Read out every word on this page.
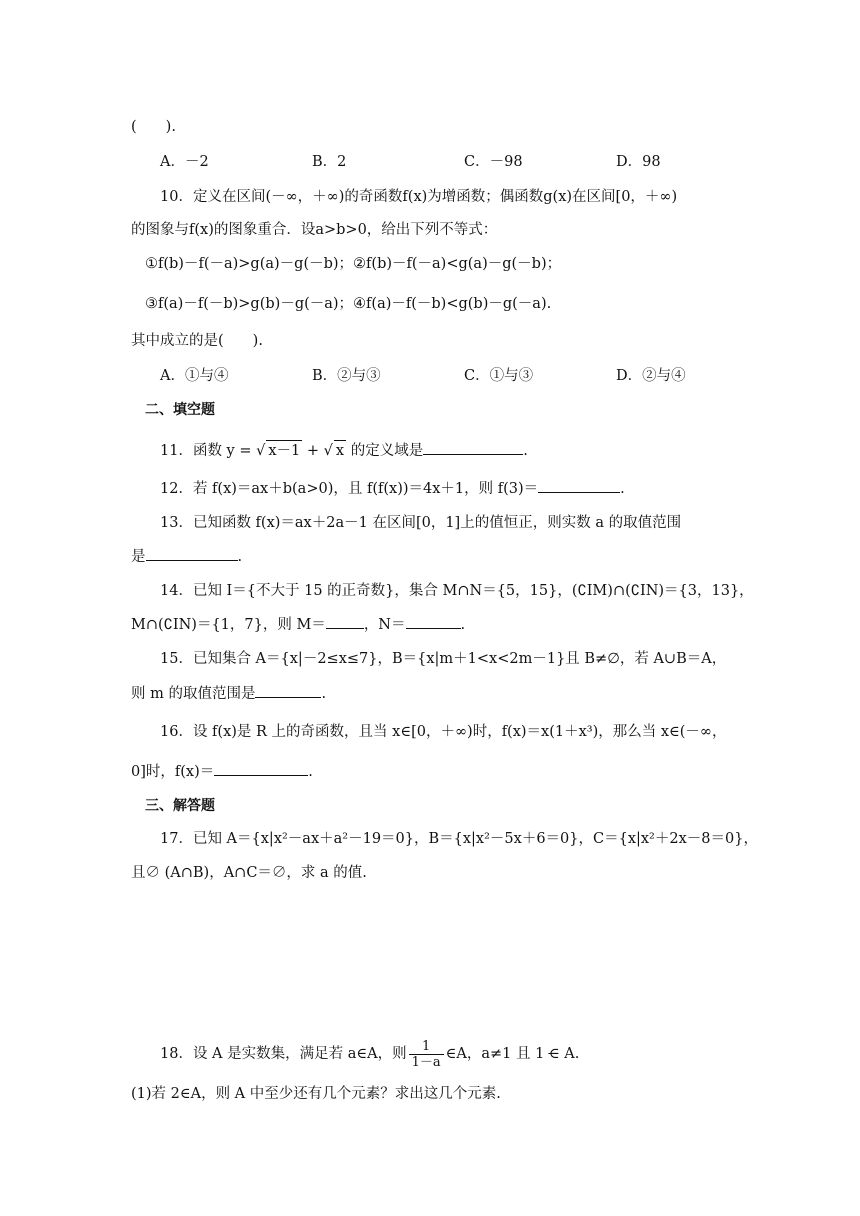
(　　).
A．－2	B．2	C．－98	D．98
10．定义在区间(－∞，＋∞)的奇函数f(x)为增函数；偶函数g(x)在区间[0，＋∞)
的图象与f(x)的图象重合．设a>b>0，给出下列不等式：
①f(b)－f(－a)>g(a)－g(－b)；②f(b)－f(－a)<g(a)－g(－b)；
③f(a)－f(－b)>g(b)－g(－a)；④f(a)－f(－b)<g(b)－g(－a).
其中成立的是(　　).
A．①与④	B．②与③	C．①与③	D．②与④
二、填空题
11．函数 y = √ x－1 + √ x 的定义域是	.
12．若 f(x)＝ax＋b(a>0)，且 f(f(x))＝4x＋1，则 f(3)＝	.
13．已知函数 f(x)＝ax＋2a－1 在区间[0，1]上的值恒正，则实数 a 的取值范围
是	.
14．已知 I＝{不大于 15 的正奇数}，集合 M∩N＝{5，15}，(∁IM)∩(∁IN)＝{3，13}，
M∩(∁IN)＝{1，7}，则 M＝	，N＝	.
15．已知集合 A＝{x|－2≤x≤7}，B＝{x|m＋1<x<2m－1}且 B≠∅，若 A∪B＝A，
则 m 的取值范围是	.
16．设 f(x)是 R 上的奇函数，且当 x∈[0，＋∞)时，f(x)＝x(1＋x³)，那么当 x∈(－∞，
0]时，f(x)＝	.
三、解答题
17．已知 A＝{x|x²－ax＋a²－19＝0}，B＝{x|x²－5x＋6＝0}，C＝{x|x²＋2x－8＝0}，
且∅ (A∩B)，A∩C＝∅，求 a 的值.
18．设 A 是实数集，满足若 a∈A，则 $\frac{1}{1-a}$ ∈A，a≠1 且 1 ∈ A.
(1)若 2∈A，则 A 中至少还有几个元素？求出这几个元素.
